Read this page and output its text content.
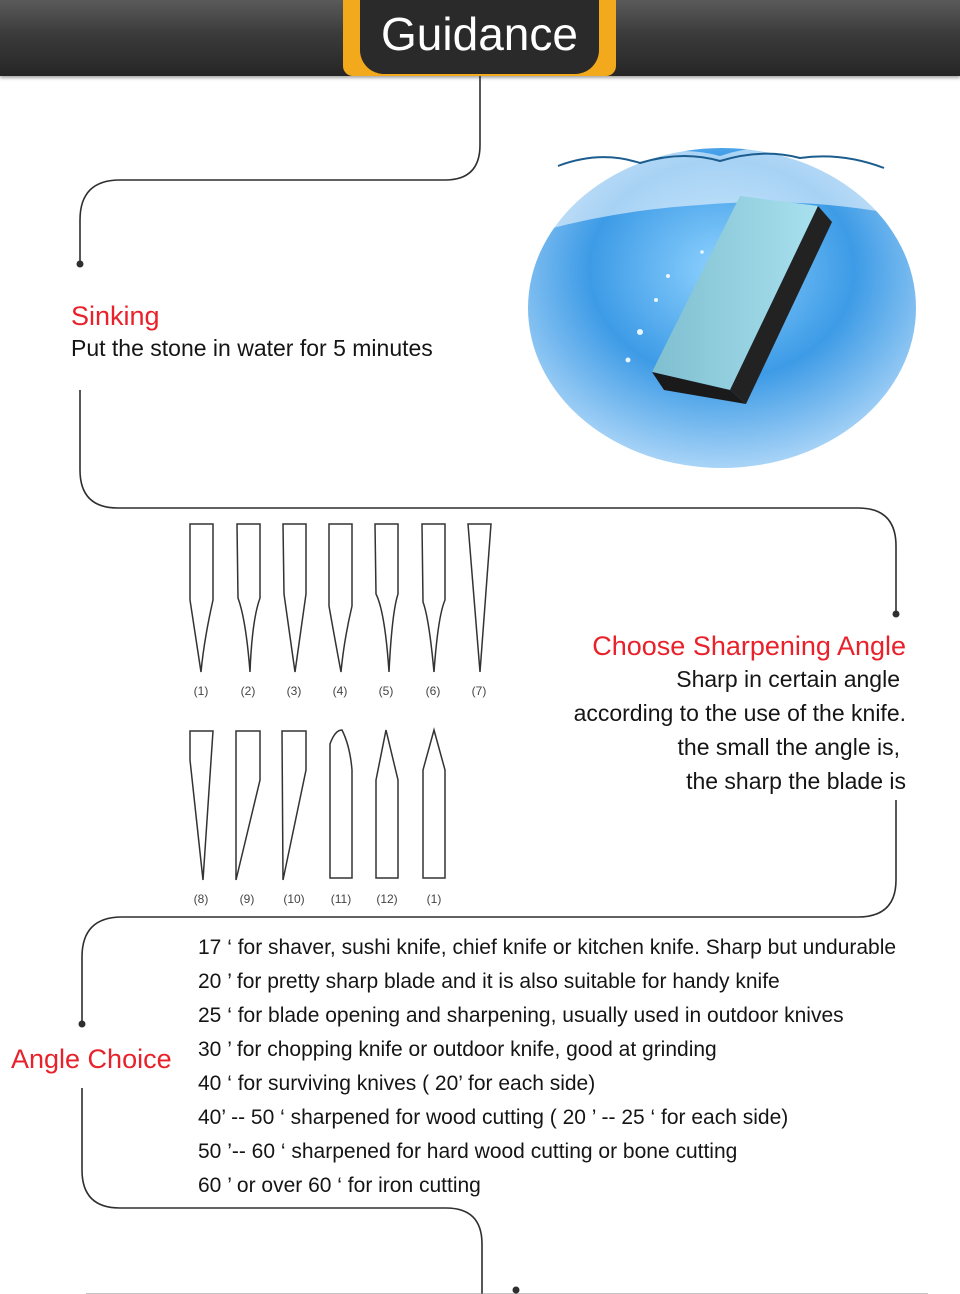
Guidance
(1)	(2)	(3)	(4)	(5)	(6)	(7)
(8)	(9)	(10)	(11)	(12)	(1)
Sinking
Put the stone in water for 5 minutes
Choose Sharpening Angle
Sharp in certain angle
according to the use of the knife.
the small the angle is,
the sharp the blade is
Angle Choice
17 ‘ for shaver, sushi knife, chief knife or kitchen knife. Sharp but undurable
20 ’ for pretty sharp blade and it is also suitable for handy knife
25 ‘ for blade opening and sharpening, usually used in outdoor knives
30 ’ for chopping knife or outdoor knife, good at grinding
40 ‘ for surviving knives ( 20’ for each side)
40’ -- 50 ‘ sharpened for wood cutting ( 20 ’ -- 25 ‘ for each side)
50 ’-- 60 ‘ sharpened for hard wood cutting or bone cutting
60 ’ or over 60 ‘ for iron cutting
